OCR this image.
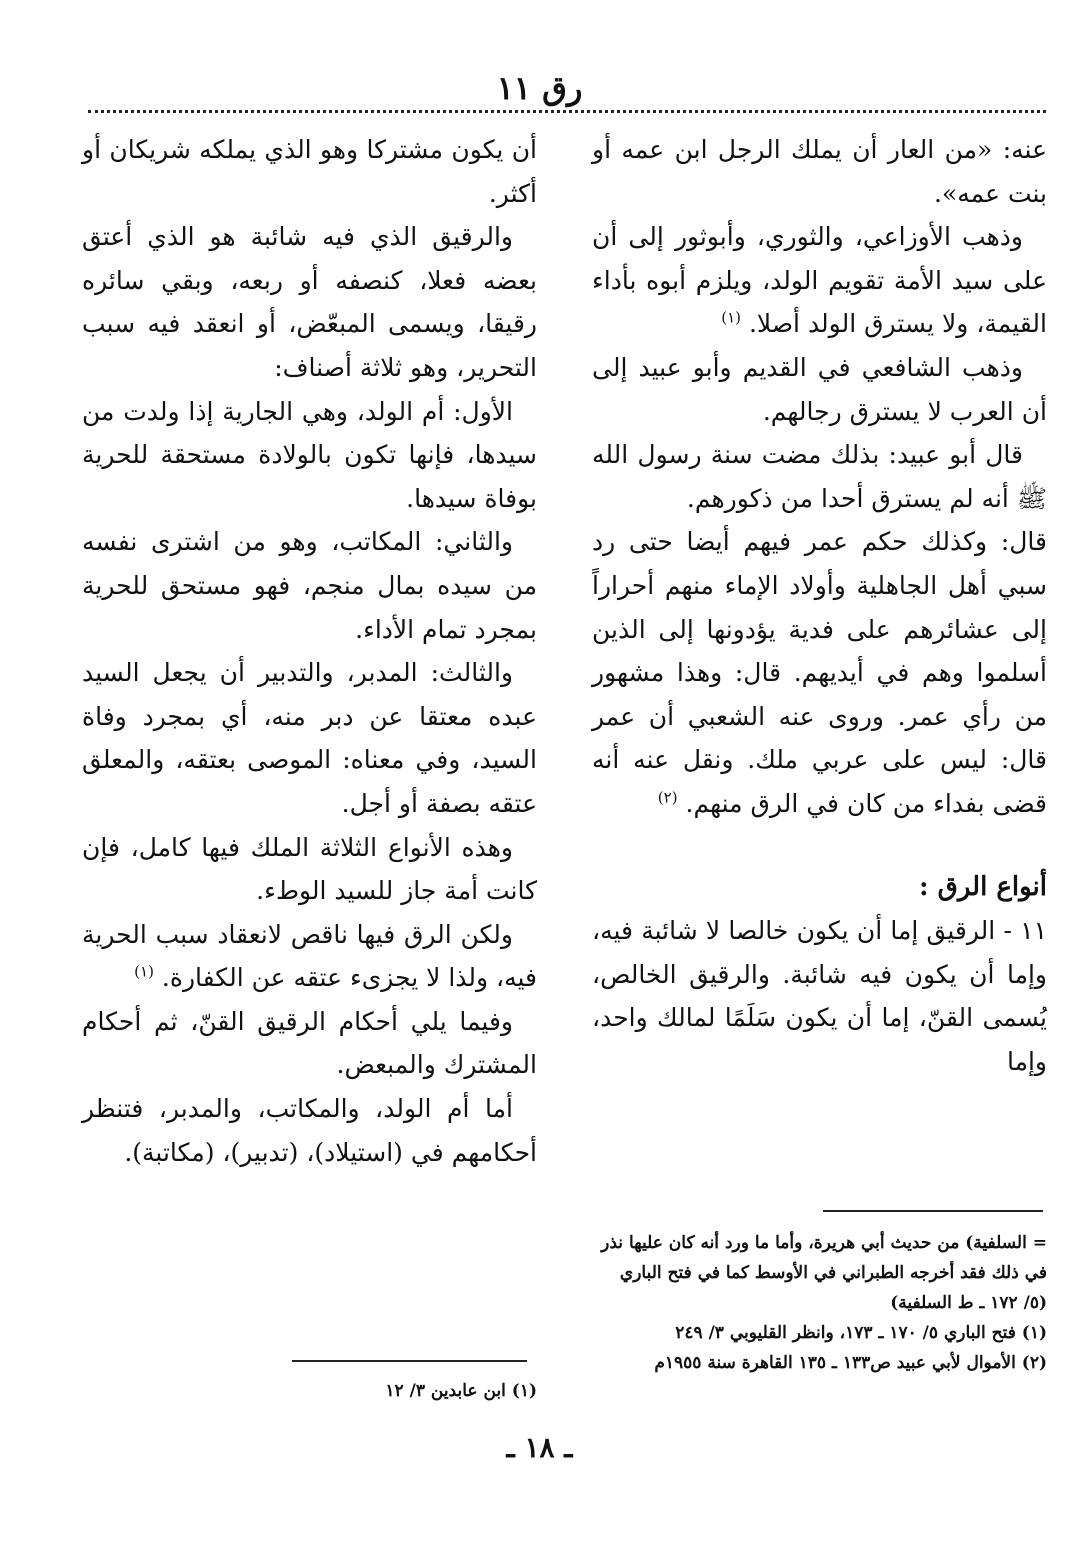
رق ١١

عنه: «من العار أن يملك الرجل ابن عمه أو بنت عمه».

وذهب الأوزاعي، والثوري، وأبوثور إلى أن على سيد الأمة تقويم الولد، ويلزم أبوه بأداء القيمة، ولا يسترق الولد أصلا. $^{(١)}$

وذهب الشافعي في القديم وأبو عبيد إلى أن العرب لا يسترق رجالهم.

قال أبو عبيد: بذلك مضت سنة رسول الله ﷺ أنه لم يسترق أحدا من ذكورهم.

قال: وكذلك حكم عمر فيهم أيضا حتى رد سبي أهل الجاهلية وأولاد الإماء منهم أحراراً إلى عشائرهم على فدية يؤدونها إلى الذين أسلموا وهم في أيديهم. قال: وهذا مشهور من رأي عمر. وروى عنه الشعبي أن عمر قال: ليس على عربي ملك. ونقل عنه أنه قضى بفداء من كان في الرق منهم. $^{(٢)}$

أنواع الرق :

١١ - الرقيق إما أن يكون خالصا لا شائبة فيه، وإما أن يكون فيه شائبة. والرقيق الخالص، يُسمى القنّ، إما أن يكون سَلَمًا لمالك واحد، وإما

أن يكون مشتركا وهو الذي يملكه شريكان أو أكثر.

والرقيق الذي فيه شائبة هو الذي أعتق بعضه فعلا، كنصفه أو ربعه، وبقي سائره رقيقا، ويسمى المبعّض، أو انعقد فيه سبب التحرير، وهو ثلاثة أصناف:

الأول: أم الولد، وهي الجارية إذا ولدت من سيدها، فإنها تكون بالولادة مستحقة للحرية بوفاة سيدها.

والثاني: المكاتب، وهو من اشترى نفسه من سيده بمال منجم، فهو مستحق للحرية بمجرد تمام الأداء.

والثالث: المدبر، والتدبير أن يجعل السيد عبده معتقا عن دبر منه، أي بمجرد وفاة السيد، وفي معناه: الموصى بعتقه، والمعلق عتقه بصفة أو أجل.

وهذه الأنواع الثلاثة الملك فيها كامل، فإن كانت أمة جاز للسيد الوطء.

ولكن الرق فيها ناقص لانعقاد سبب الحرية فيه، ولذا لا يجزىء عتقه عن الكفارة. $^{(١)}$

وفيما يلي أحكام الرقيق القنّ، ثم أحكام المشترك والمبعض.

أما أم الولد، والمكاتب، والمدبر، فتنظر أحكامهم في (استيلاد)، (تدبير)، (مكاتبة).

= السلفية) من حديث أبي هريرة، وأما ما ورد أنه كان عليها نذر في ذلك فقد أخرجه الطبراني في الأوسط كما في فتح الباري (٥/ ١٧٢ ـ ط السلفية)
(١) فتح الباري ٥/ ١٧٠ ـ ١٧٣، وانظر القليوبي ٣/ ٢٤٩
(٢) الأموال لأبي عبيد ص١٣٣ ـ ١٣٥ القاهرة سنة ١٩٥٥م
(١) ابن عابدين ٣/ ١٢
ـ ١٨ ـ
